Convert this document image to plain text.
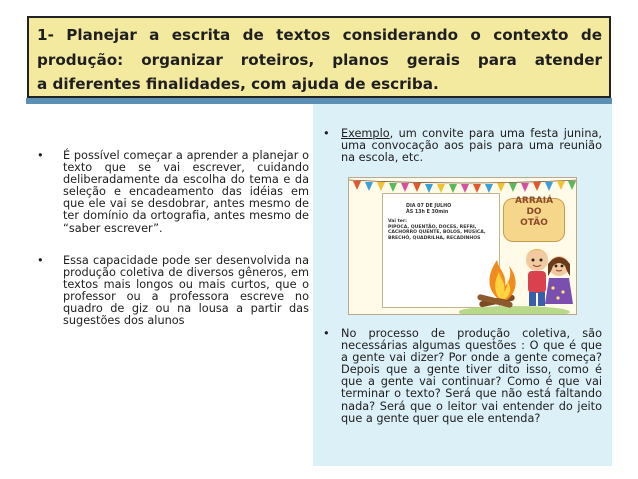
1- Planejar a escrita de textos considerando o contexto de
produção: organizar roteiros, planos gerais para atender
a diferentes finalidades, com ajuda de escriba.
• É possível começar a aprender a planejar o texto que se vai escrever, cuidando deliberadamente da escolha do tema e da seleção e encadeamento das idéias em que ele vai se desdobrar, antes mesmo de ter domínio da ortografia, antes mesmo de “saber escrever”.
• Essa capacidade pode ser desenvolvida na produção coletiva de diversos gêneros, em textos mais longos ou mais curtos, que o professor ou a professora escreve no quadro de giz ou na lousa a partir das sugestões dos alunos
• Exemplo, um convite para uma festa junina, uma convocação aos pais para uma reunião na escola, etc.
DIA 07 DE JULHO
ÀS 13h E 30min
Vai ter:
PIPOCA, QUENTÃO, DOCES, REFRI, CACHORRO QUENTE, BOLOS, MÚSICA, BRECHÓ, QUADRILHA, RECADINHOS
ARRAIÁ
DO
OTÃO
• No processo de produção coletiva, são necessárias algumas questões : O que é que a gente vai dizer? Por onde a gente começa? Depois que a gente tiver dito isso, como é que a gente vai continuar? Como é que vai terminar o texto? Será que não está faltando nada? Será que o leitor vai entender do jeito que a gente quer que ele entenda?
